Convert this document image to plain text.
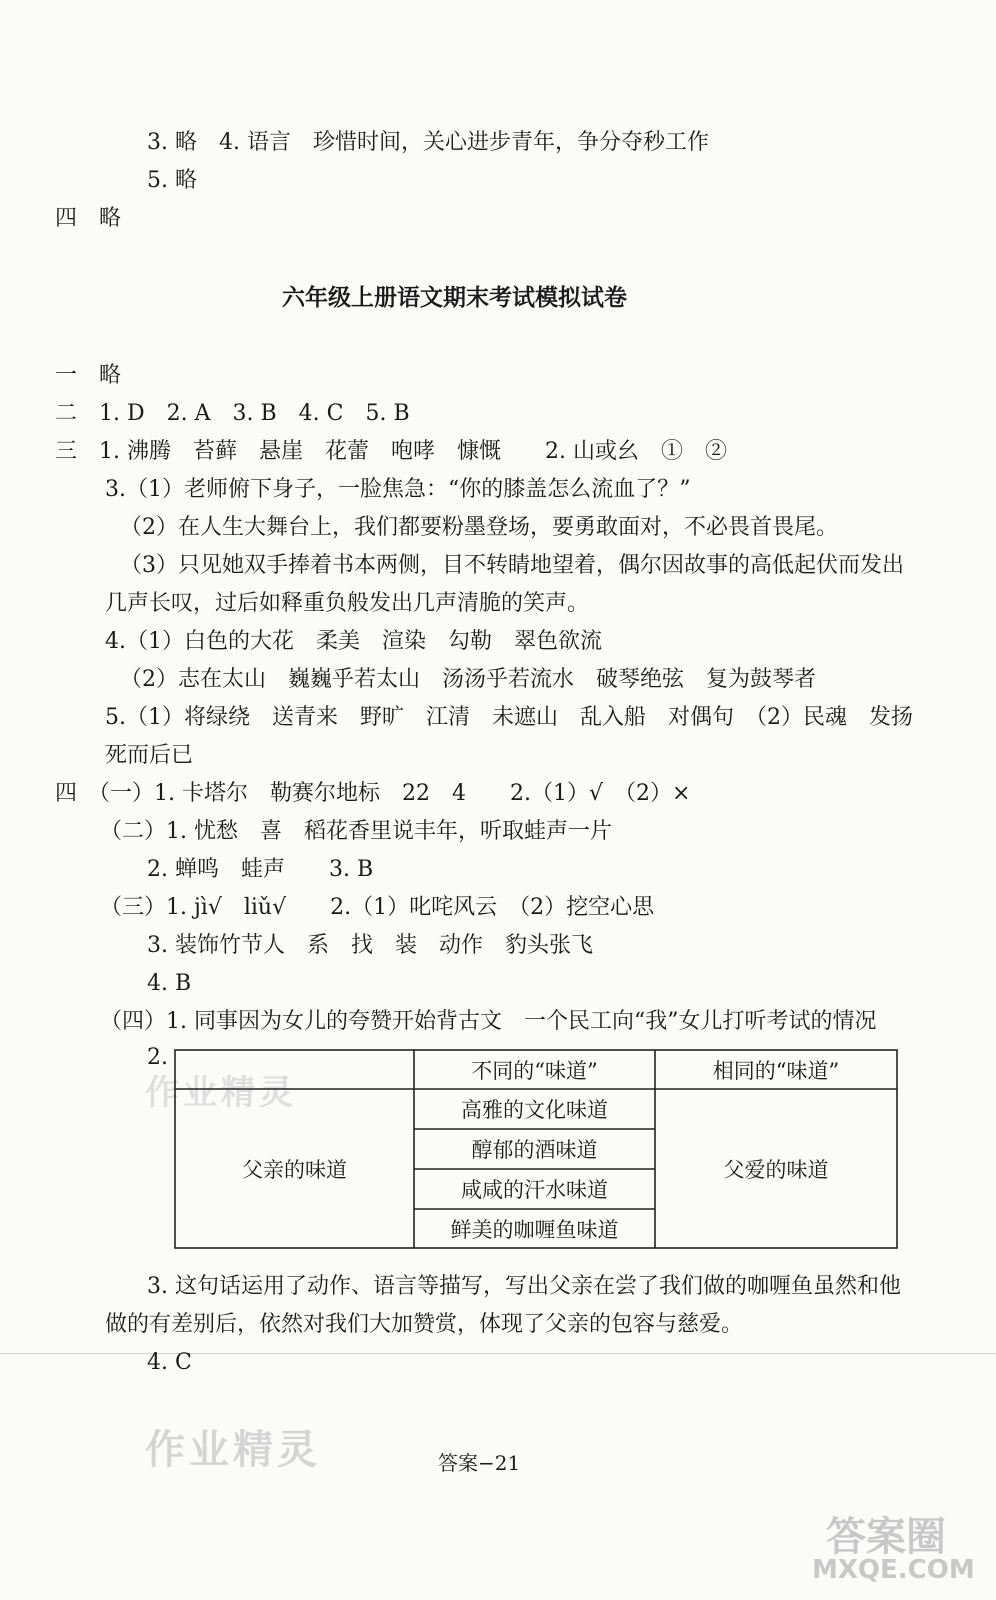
3. 略　4. 语言　珍惜时间，关心进步青年，争分夺秒工作
5. 略
四　略
六年级上册语文期末考试模拟试卷
一　略
二　1. D　2. A　3. B　4. C　5. B
三　1. 沸腾　苔藓　悬崖　花蕾　咆哮　慷慨　　2. 山或幺　①　②
3.（1）老师俯下身子，一脸焦急：“你的膝盖怎么流血了？”
（2）在人生大舞台上，我们都要粉墨登场，要勇敢面对，不必畏首畏尾。
（3）只见她双手捧着书本两侧，目不转睛地望着，偶尔因故事的高低起伏而发出
几声长叹，过后如释重负般发出几声清脆的笑声。
4.（1）白色的大花　柔美　渲染　勾勒　翠色欲流
（2）志在太山　巍巍乎若太山　汤汤乎若流水　破琴绝弦　复为鼓琴者
5.（1）将绿绕　送青来　野旷　江清　未遮山　乱入船　对偶句　（2）民魂　发扬
死而后已
四　（一）1. 卡塔尔　勒赛尔地标　22　4　　2.（1）√　（2）×
（二）1. 忧愁　喜　稻花香里说丰年，听取蛙声一片
2. 蝉鸣　蛙声　　3. B
（三）1. jì√　liǔ√　　2.（1）叱咤风云　（2）挖空心思
3. 装饰竹节人　系　找　装　动作　豹头张飞
4. B
（四）1. 同事因为女儿的夸赞开始背古文　一个民工向“我”女儿打听考试的情况
2.
作业精灵
不同的“味道”	相同的“味道”
父亲的味道
高雅的文化味道
醇郁的酒味道
咸咸的汗水味道
鲜美的咖喱鱼味道
父爱的味道
3. 这句话运用了动作、语言等描写，写出父亲在尝了我们做的咖喱鱼虽然和他
做的有差别后，依然对我们大加赞赏，体现了父亲的包容与慈爱。
4. C
作业精灵	答案−21
答案圈
MXQE.COM
